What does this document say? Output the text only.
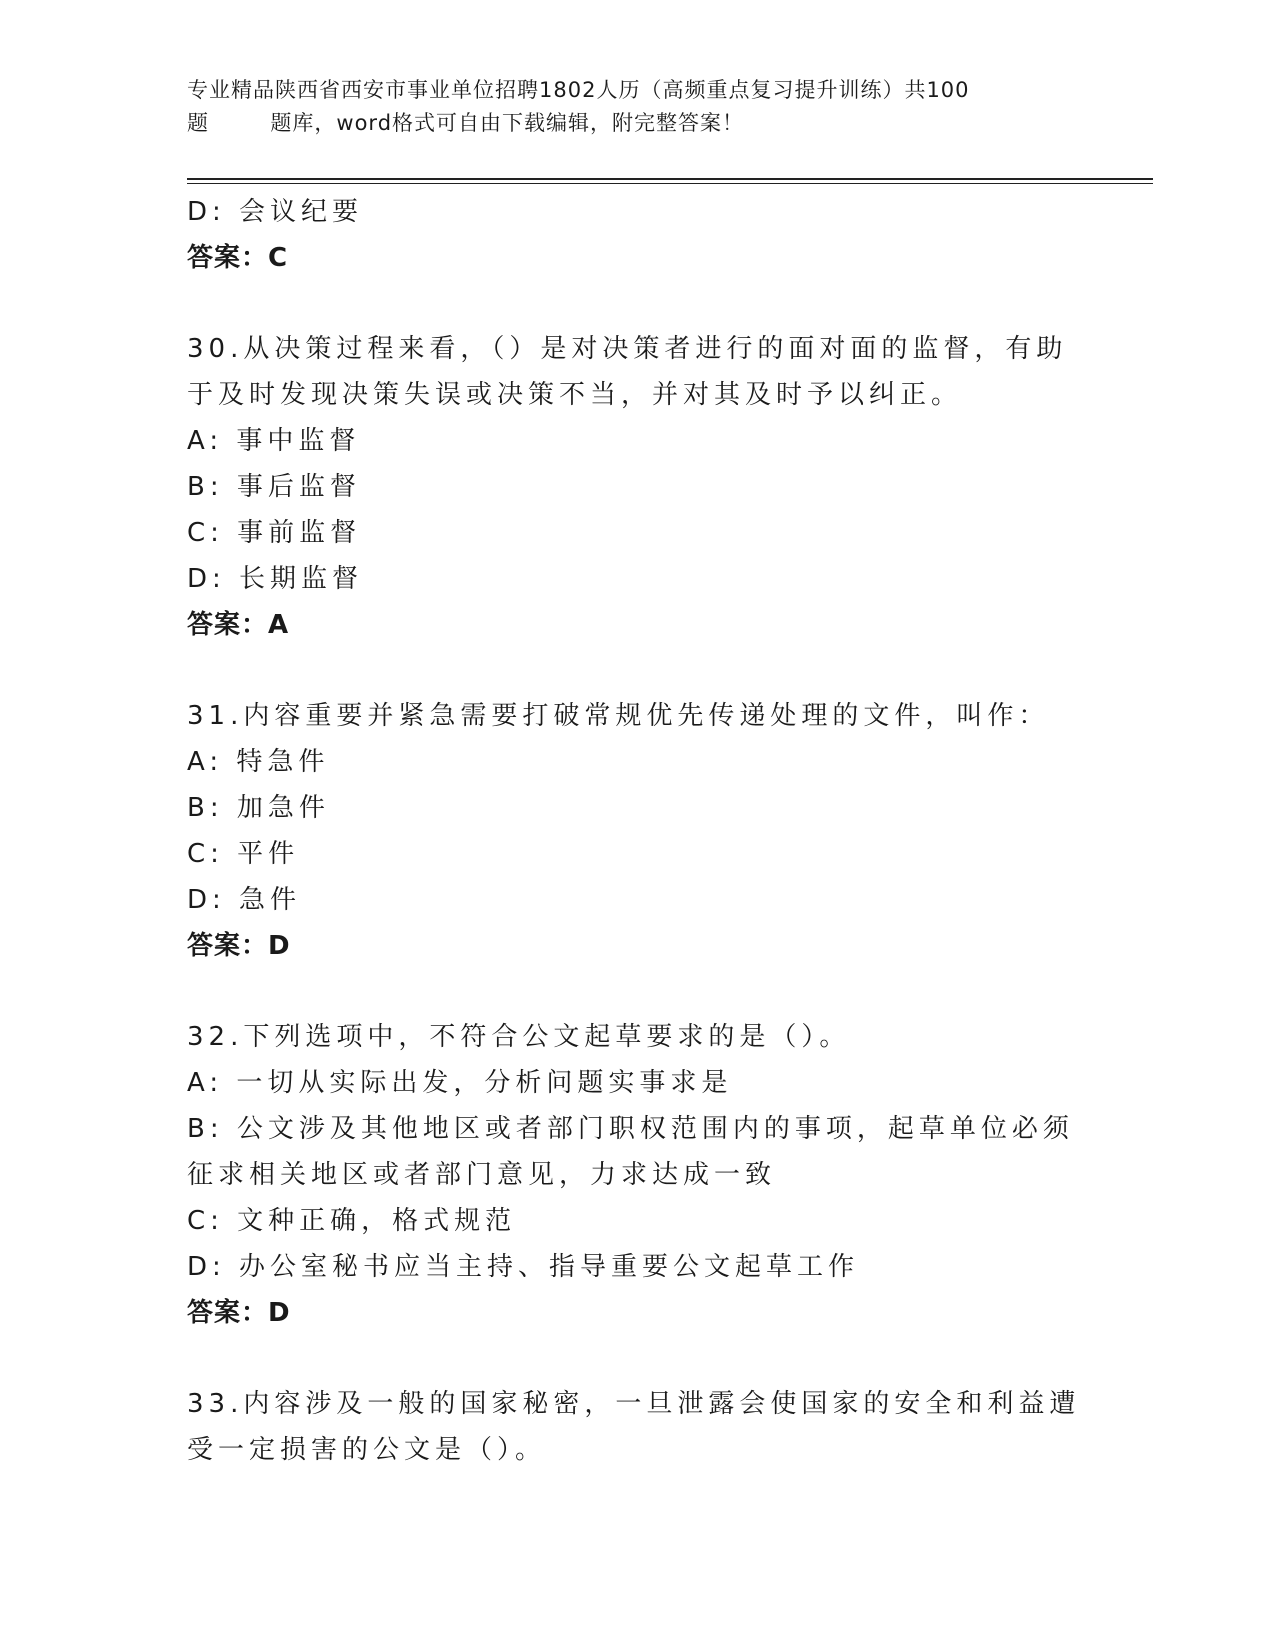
专业精品陕西省西安市事业单位招聘1802人历（高频重点复习提升训练）共100
题        题库，word格式可自由下载编辑，附完整答案！
D: 会议纪要
答案：C
30.从决策过程来看，（）是对决策者进行的面对面的监督，有助于及时发现决策失误或决策不当，并对其及时予以纠正。
A: 事中监督
B: 事后监督
C: 事前监督
D: 长期监督
答案：A
31.内容重要并紧急需要打破常规优先传递处理的文件，叫作：
A: 特急件
B: 加急件
C: 平件
D: 急件
答案：D
32.下列选项中，不符合公文起草要求的是（）。
A: 一切从实际出发，分析问题实事求是
B: 公文涉及其他地区或者部门职权范围内的事项，起草单位必须征求相关地区或者部门意见，力求达成一致
C: 文种正确，格式规范
D: 办公室秘书应当主持、指导重要公文起草工作
答案：D
33.内容涉及一般的国家秘密，一旦泄露会使国家的安全和利益遭受一定损害的公文是（）。
